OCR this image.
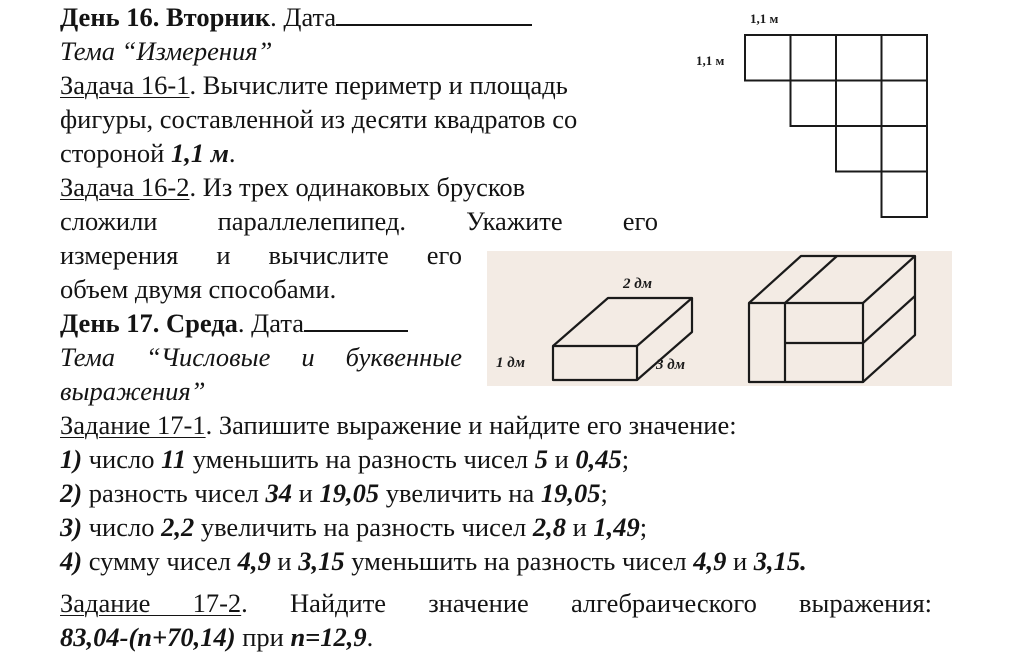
День 16. Вторник. Дата
Тема “Измерения”
Задача 16-1. Вычислите периметр и площадь
фигуры, составленной из десяти квадратов со
стороной 1,1 м.
Задача 16-2. Из трех одинаковых брусков
сложили параллелепипед. Укажите его
измерения и вычислите его
объем двумя способами.
1,1 м
1,1 м
2 дм
1 дм	3 дм
День 17. Среда. Дата
Тема “Числовые и буквенные
выражения”
Задание 17-1. Запишите выражение и найдите его значение:
1) число 11 уменьшить на разность чисел 5 и 0,45;
2) разность чисел 34 и 19,05 увеличить на 19,05;
3) число 2,2 увеличить на разность чисел 2,8 и 1,49;
4) сумму чисел 4,9 и 3,15 уменьшить на разность чисел 4,9 и 3,15.
Задание 17-2. Найдите значение алгебраического выражения:
83,04-(n+70,14) при n=12,9.
